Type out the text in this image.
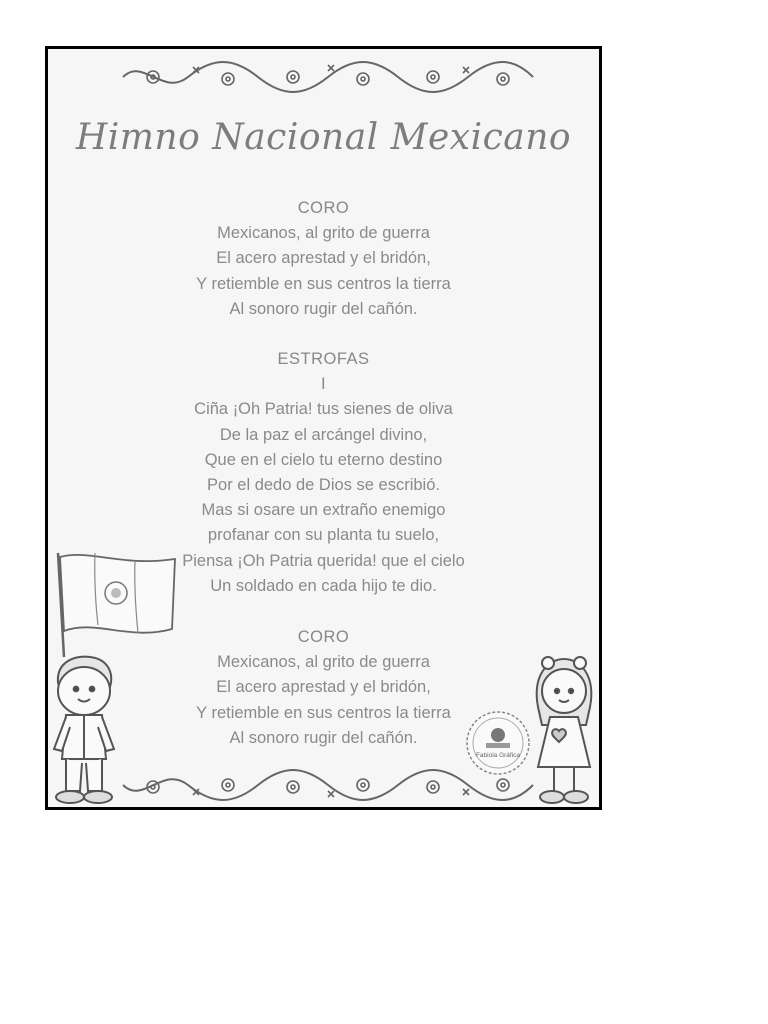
Himno Nacional Mexicano
CORO
Mexicanos, al grito de guerra
El acero aprestad y el bridón,
Y retiemble en sus centros la tierra
Al sonoro rugir del cañón.
ESTROFAS
I
Ciña ¡Oh Patria! tus sienes de oliva
De la paz el arcángel divino,
Que en el cielo tu eterno destino
Por el dedo de Dios se escribió.
Mas si osare un extraño enemigo
profanar con su planta tu suelo,
Piensa ¡Oh Patria querida! que el cielo
Un soldado en cada hijo te dio.
CORO
Mexicanos, al grito de guerra
El acero aprestad y el bridón,
Y retiemble en sus centros la tierra
Al sonoro rugir del cañón.
Fabiola Gráfica
